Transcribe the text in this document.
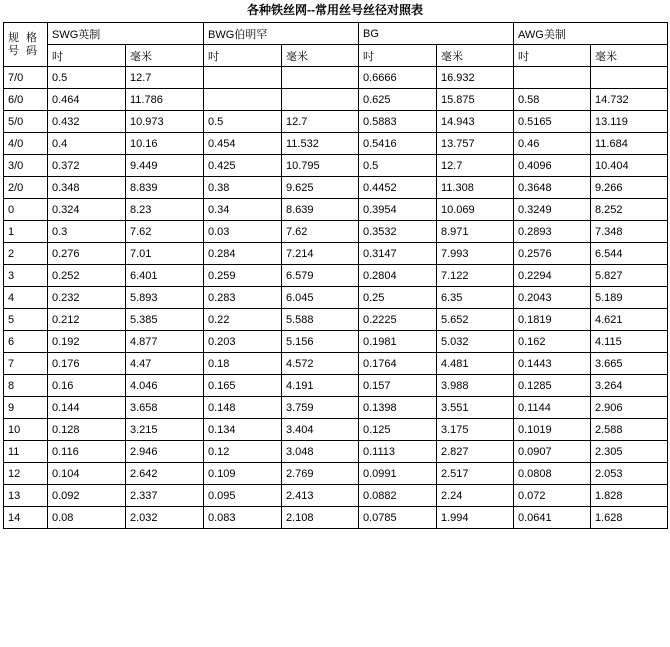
各种铁丝网--常用丝号丝径对照表
规 格
号 码	SWG英制		BWG伯明罕		BG		AWG美制	
	吋	毫米	吋	毫米	吋	毫米	吋	毫米
7/0	0.5	12.7			0.6666	16.932		
6/0	0.464	11.786			0.625	15.875	0.58	14.732
5/0	0.432	10.973	0.5	12.7	0.5883	14.943	0.5165	13.119
4/0	0.4	10.16	0.454	11.532	0.5416	13.757	0.46	11.684
3/0	0.372	9.449	0.425	10.795	0.5	12.7	0.4096	10.404
2/0	0.348	8.839	0.38	9.625	0.4452	11.308	0.3648	9.266
0	0.324	8.23	0.34	8.639	0.3954	10.069	0.3249	8.252
1	0.3	7.62	0.03	7.62	0.3532	8.971	0.2893	7.348
2	0.276	7.01	0.284	7.214	0.3147	7.993	0.2576	6.544
3	0.252	6.401	0.259	6.579	0.2804	7.122	0.2294	5.827
4	0.232	5.893	0.283	6.045	0.25	6.35	0.2043	5.189
5	0.212	5.385	0.22	5.588	0.2225	5.652	0.1819	4.621
6	0.192	4.877	0.203	5.156	0.1981	5.032	0.162	4.115
7	0.176	4.47	0.18	4.572	0.1764	4.481	0.1443	3.665
8	0.16	4.046	0.165	4.191	0.157	3.988	0.1285	3.264
9	0.144	3.658	0.148	3.759	0.1398	3.551	0.1144	2.906
10	0.128	3.215	0.134	3.404	0.125	3.175	0.1019	2.588
11	0.116	2.946	0.12	3.048	0.1113	2.827	0.0907	2.305
12	0.104	2.642	0.109	2.769	0.0991	2.517	0.0808	2.053
13	0.092	2.337	0.095	2.413	0.0882	2.24	0.072	1.828
14	0.08	2.032	0.083	2.108	0.0785	1.994	0.0641	1.628
